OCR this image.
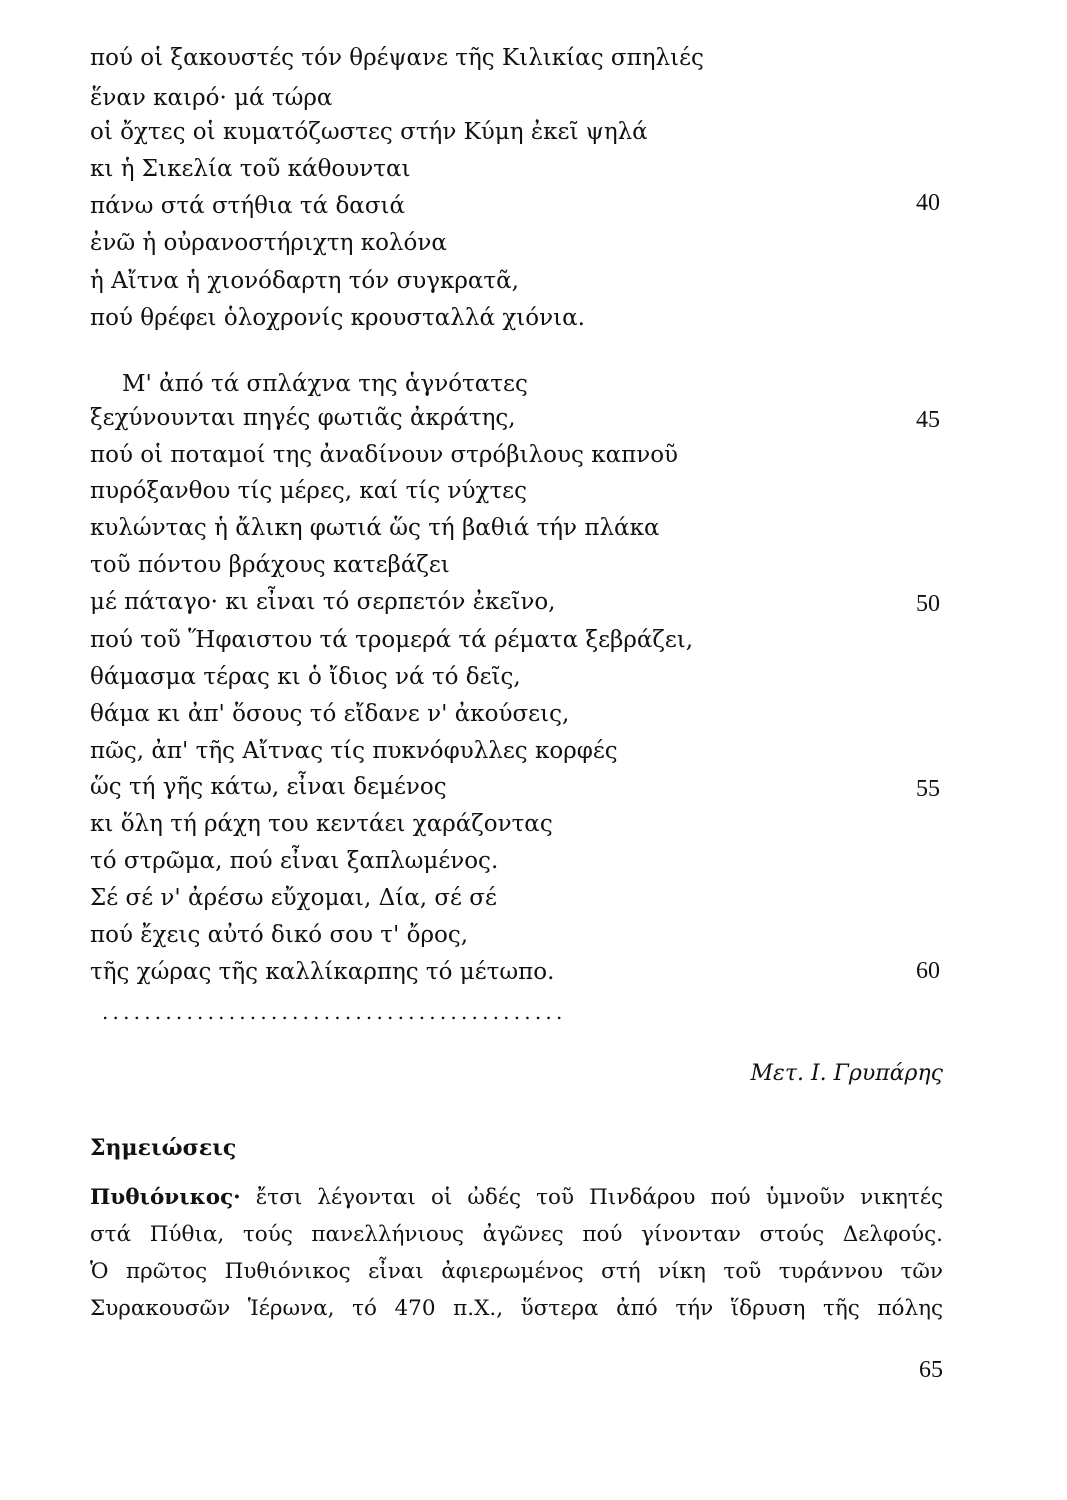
πού οἱ ξακουστές τόν θρέψανε τῆς Κιλικίας σπηλιές
ἕναν καιρό· μά τώρα
οἱ ὄχτες οἱ κυματόζωστες στήν Κύμη ἐκεῖ ψηλά
κι ἡ Σικελία τοῦ κάθουνται
πάνω στά στήθια τά δασιά	40
ἐνῶ ἡ οὐρανοστήριχτη κολόνα
ἡ Αἴτνα ἡ χιονόδαρτη τόν συγκρατᾶ,
πού θρέφει ὁλοχρονίς κρουσταλλά χιόνια.
Μ' ἀπό τά σπλάχνα της ἁγνότατες
ξεχύνουνται πηγές φωτιᾶς ἀκράτης,	45
πού οἱ ποταμοί της ἀναδίνουν στρόβιλους καπνοῦ
πυρόξανθου τίς μέρες, καί τίς νύχτες
κυλώντας ἡ ἄλικη φωτιά ὥς τή βαθιά τήν πλάκα
τοῦ πόντου βράχους κατεβάζει
μέ πάταγο· κι εἶναι τό σερπετόν ἐκεῖνο,	50
πού τοῦ Ἥφαιστου τά τρομερά τά ρέματα ξεβράζει,
θάμασμα τέρας κι ὁ ἴδιος νά τό δεῖς,
θάμα κι ἀπ' ὅσους τό εἴδανε ν' ἀκούσεις,
πῶς, ἀπ' τῆς Αἴτνας τίς πυκνόφυλλες κορφές
ὥς τή γῆς κάτω, εἶναι δεμένος	55
κι ὅλη τή ράχη του κεντάει χαράζοντας
τό στρῶμα, πού εἶναι ξαπλωμένος.
Σέ σέ ν' ἀρέσω εὔχομαι, Δία, σέ σέ
πού ἔχεις αὐτό δικό σου τ' ὄρος,
τῆς χώρας τῆς καλλίκαρπης τό μέτωπο.	60
............................................
Μετ. Ι. Γρυπάρης
Σημειώσεις
Πυθιόνικος· ἔτσι λέγονται οἱ ὠδές τοῦ Πινδάρου πού ὑμνοῦν νικητές
στά Πύθια, τούς πανελλήνιους ἀγῶνες πού γίνονταν στούς Δελφούς.
Ὁ πρῶτος Πυθιόνικος εἶναι ἀφιερωμένος στή νίκη τοῦ τυράννου τῶν
Συρακουσῶν Ἱέρωνα, τό 470 π.Χ., ὕστερα ἀπό τήν ἵδρυση τῆς πόλης
65
